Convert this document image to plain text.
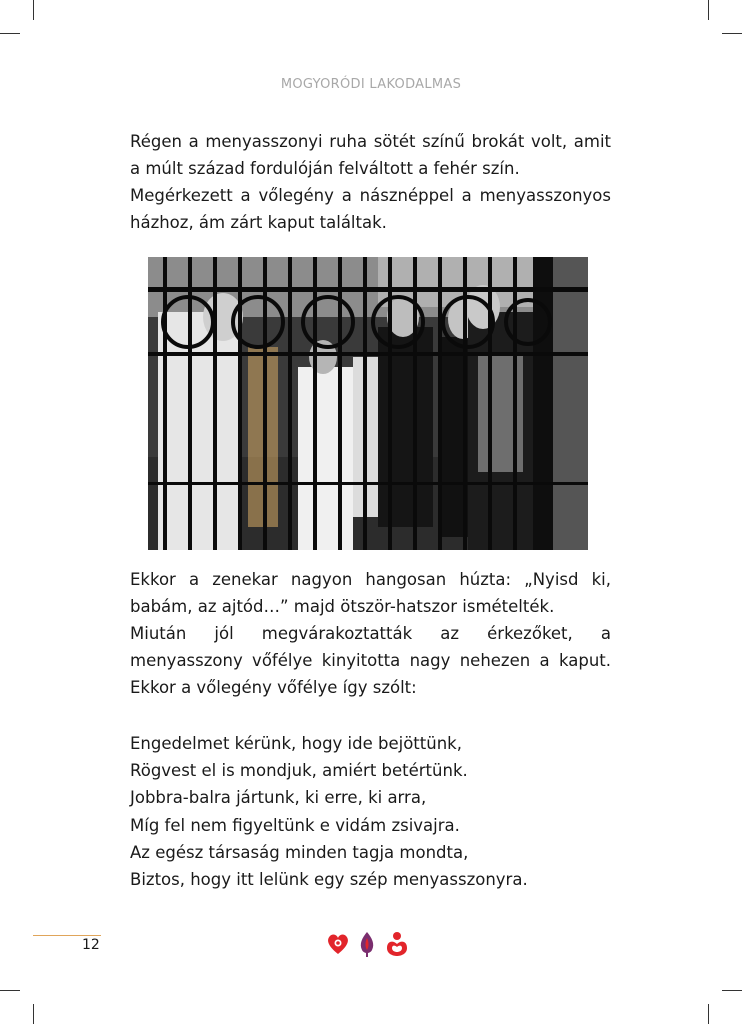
MOGYORÓDI LAKODALMAS

Régen a menyasszonyi ruha sötét színű brokát volt, amit a múlt század fordulóján felváltott a fehér szín.

Megérkezett a vőlegény a násznéppel a menyasszonyos házhoz, ám zárt kaput találtak.

Ekkor a zenekar nagyon hangosan húzta: „Nyisd ki, babám, az ajtód…” majd ötször-hatszor ismételték.

Miután jól megvárakoztatták az érkezőket, a menyasszony vőfélye kinyitotta nagy nehezen a kaput. Ekkor a vőlegény vőfélye így szólt:

Engedelmet kérünk, hogy ide bejöttünk,
Rögvest el is mondjuk, amiért betértünk.
Jobbra-balra jártunk, ki erre, ki arra,
Míg fel nem figyeltünk e vidám zsivajra.
Az egész társaság minden tagja mondta,
Biztos, hogy itt lelünk egy szép menyasszonyra.
12
